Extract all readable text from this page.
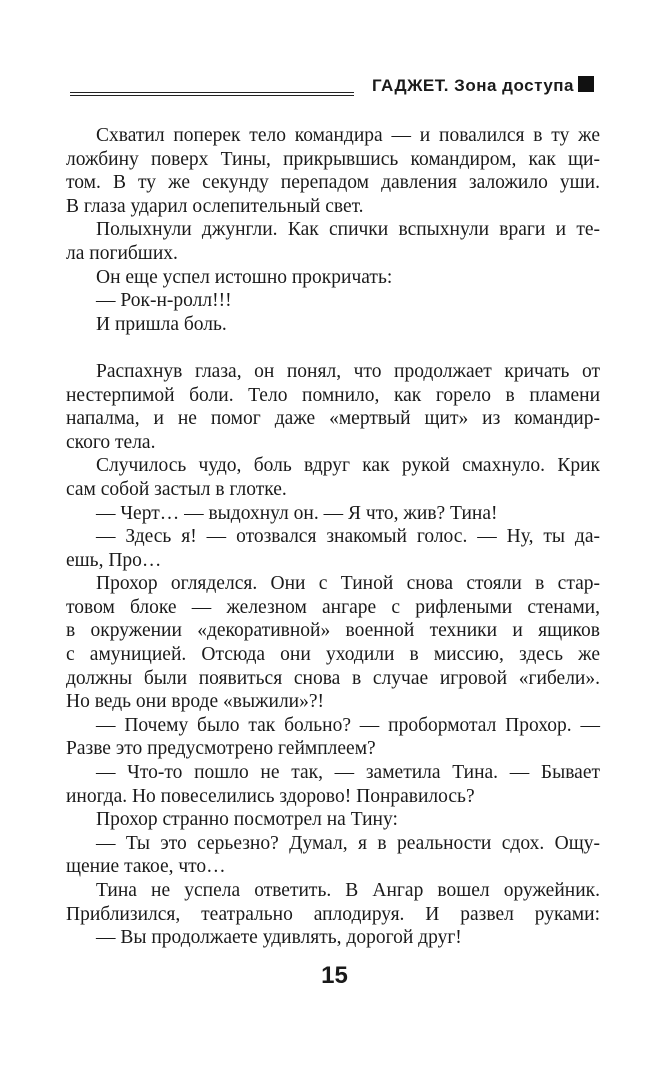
ГАДЖЕТ. Зона доступа
Схватил поперек тело командира — и повалился в ту же
ложбину поверх Тины, прикрывшись командиром, как щи-
том. В ту же секунду перепадом давления заложило уши.
В глаза ударил ослепительный свет.
Полыхнули джунгли. Как спички вспыхнули враги и те-
ла погибших.
Он еще успел истошно прокричать:
— Рок-н-ролл!!!
И пришла боль.
Распахнув глаза, он понял, что продолжает кричать от
нестерпимой боли. Тело помнило, как горело в пламени
напалма, и не помог даже «мертвый щит» из командир-
ского тела.
Случилось чудо, боль вдруг как рукой смахнуло. Крик
сам собой застыл в глотке.
— Черт… — выдохнул он. — Я что, жив? Тина!
— Здесь я! — отозвался знакомый голос. — Ну, ты да-
ешь, Про…
Прохор огляделся. Они с Тиной снова стояли в стар-
товом блоке — железном ангаре с рифлеными стенами,
в окружении «декоративной» военной техники и ящиков
с амуницией. Отсюда они уходили в миссию, здесь же
должны были появиться снова в случае игровой «гибели».
Но ведь они вроде «выжили»?!
— Почему было так больно? — пробормотал Прохор. —
Разве это предусмотрено геймплеем?
— Что-то пошло не так, — заметила Тина. — Бывает
иногда. Но повеселились здорово! Понравилось?
Прохор странно посмотрел на Тину:
— Ты это серьезно? Думал, я в реальности сдох. Ощу-
щение такое, что…
Тина не успела ответить. В Ангар вошел оружейник.
Приблизился, театрально аплодируя. И развел руками:
— Вы продолжаете удивлять, дорогой друг!
15
